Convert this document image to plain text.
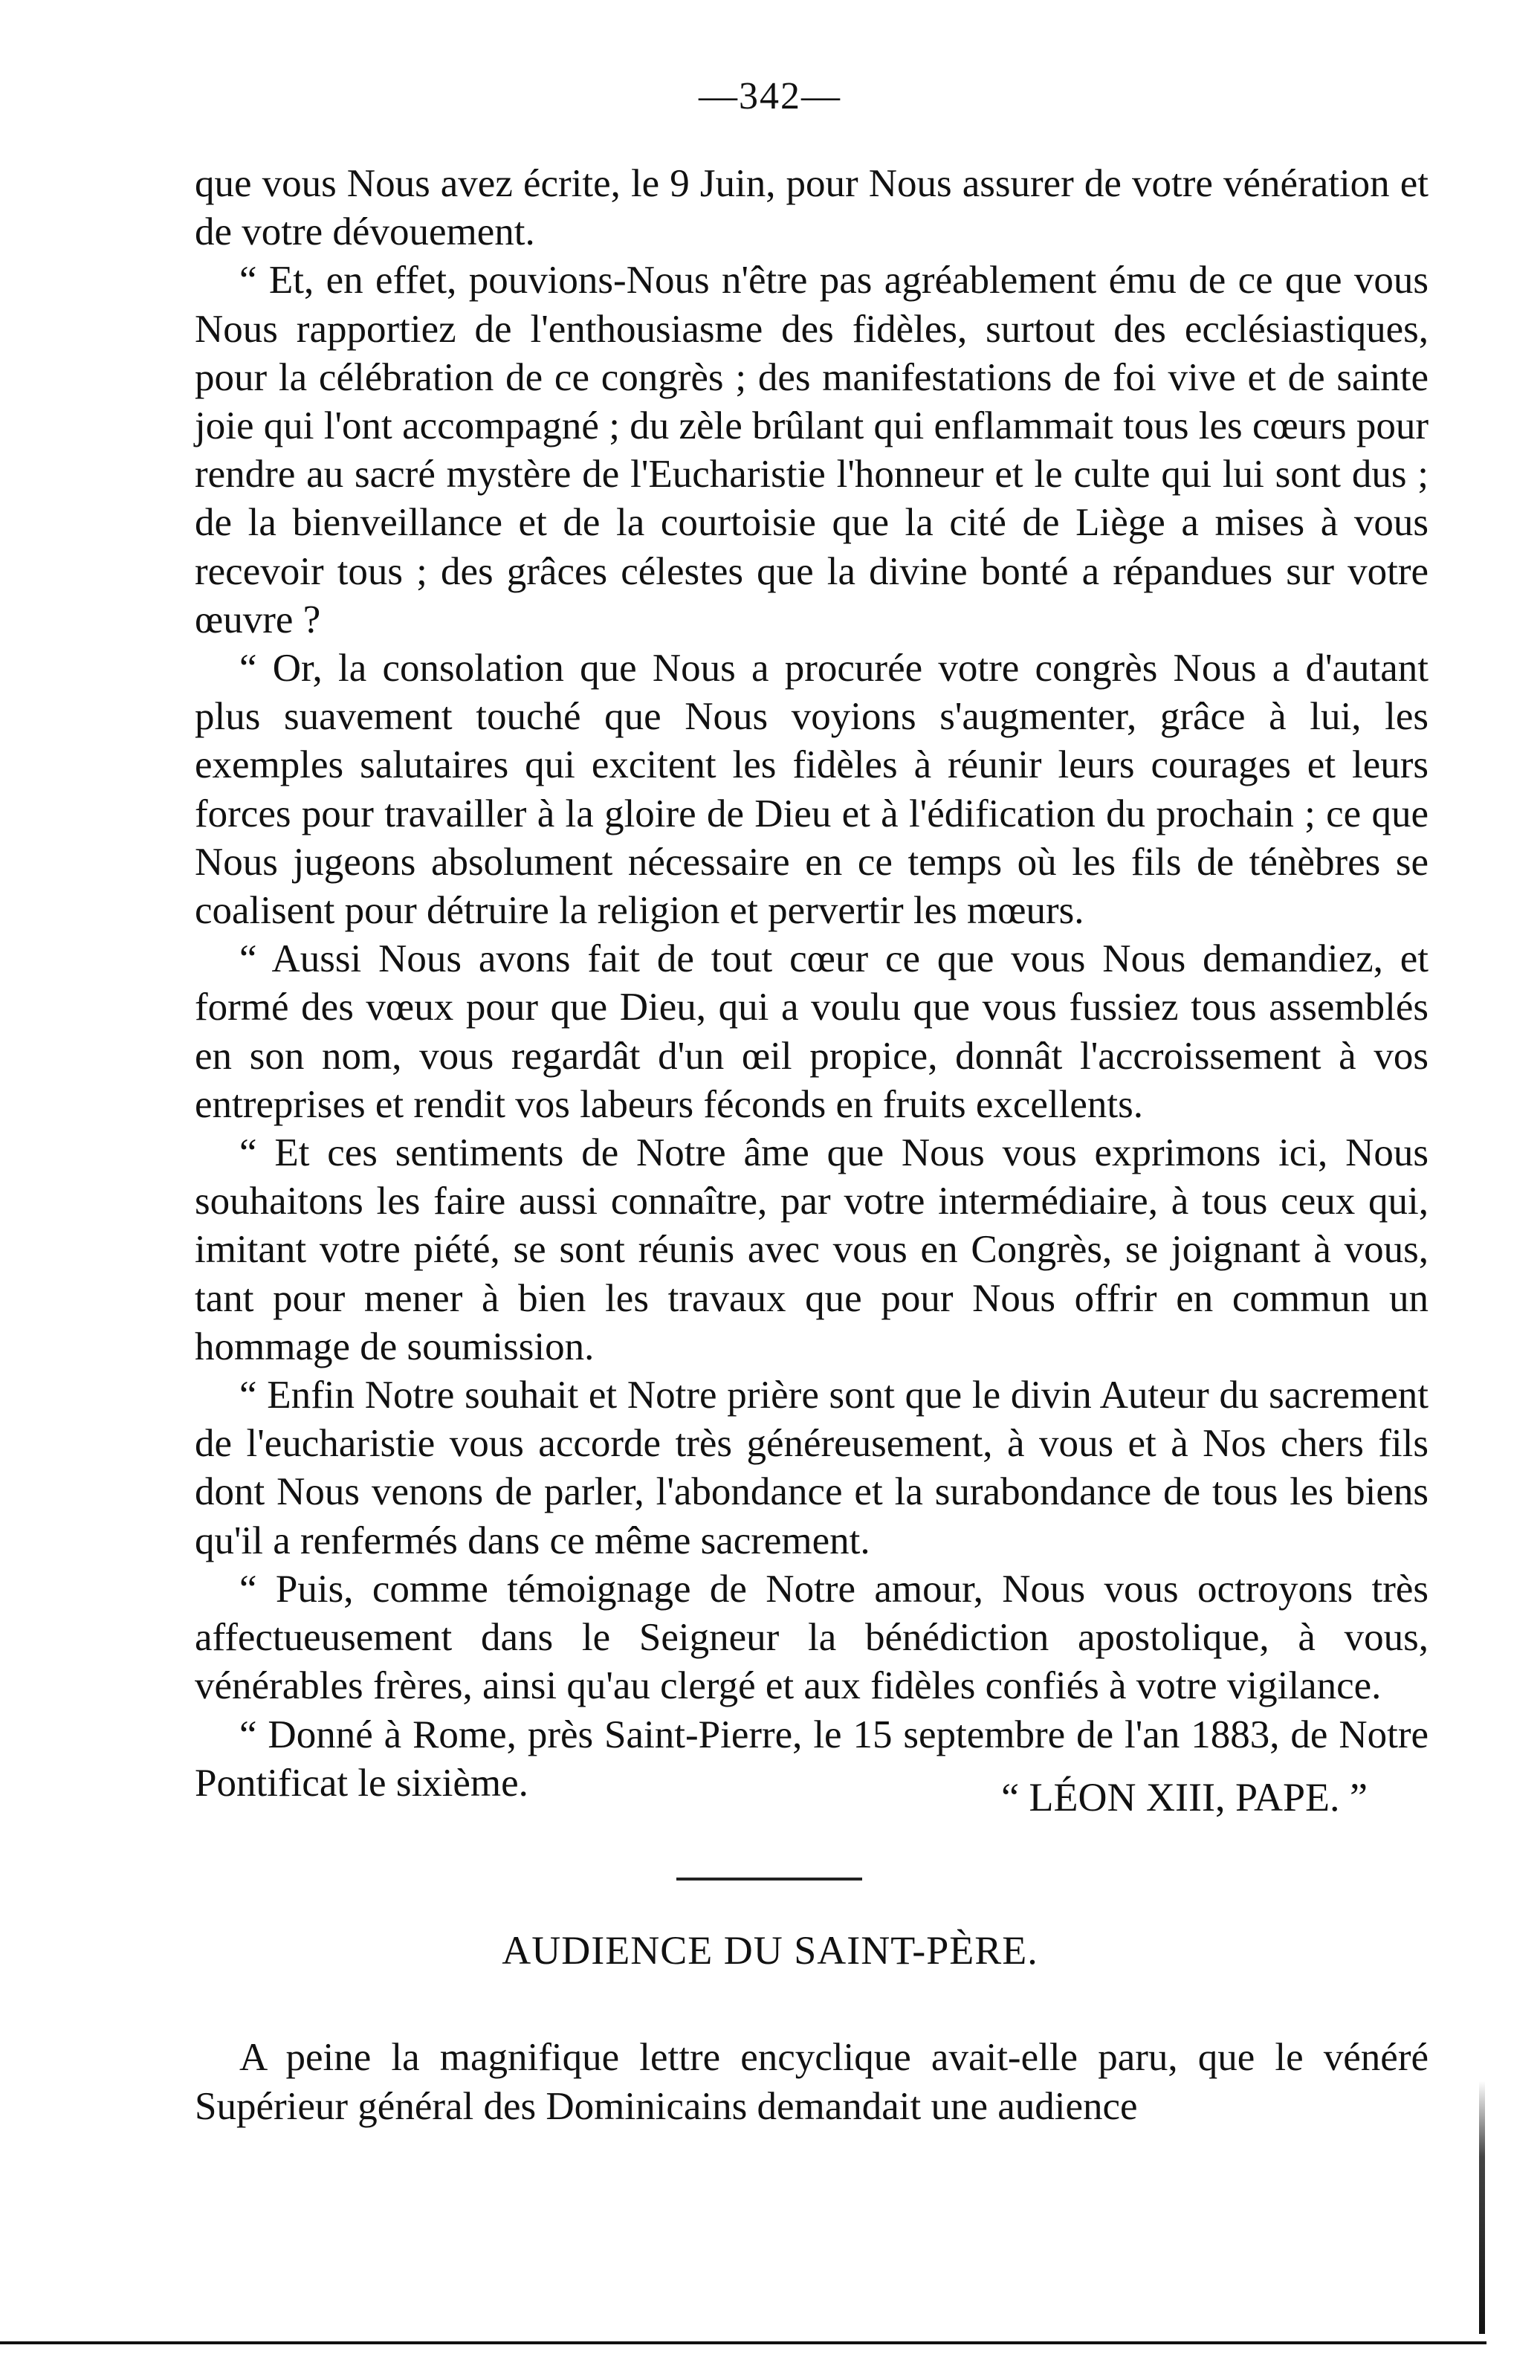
—342—

que vous Nous avez écrite, le 9 Juin, pour Nous assurer de votre vénération et de votre dévouement.

“ Et, en effet, pouvions-Nous n'être pas agréablement ému de ce que vous Nous rapportiez de l'enthousiasme des fidèles, surtout des ecclésiastiques, pour la célébration de ce congrès ; des manifestations de foi vive et de sainte joie qui l'ont accompagné ; du zèle brûlant qui enflammait tous les cœurs pour rendre au sacré mystère de l'Eucharistie l'honneur et le culte qui lui sont dus ; de la bienveillance et de la courtoisie que la cité de Liège a mises à vous recevoir tous ; des grâces célestes que la divine bonté a répandues sur votre œuvre ?

“ Or, la consolation que Nous a procurée votre congrès Nous a d'autant plus suavement touché que Nous voyions s'augmenter, grâce à lui, les exemples salutaires qui excitent les fidèles à réunir leurs courages et leurs forces pour travailler à la gloire de Dieu et à l'édification du prochain ; ce que Nous jugeons absolument nécessaire en ce temps où les fils de ténèbres se coalisent pour détruire la religion et pervertir les mœurs.

“ Aussi Nous avons fait de tout cœur ce que vous Nous demandiez, et formé des vœux pour que Dieu, qui a voulu que vous fussiez tous assemblés en son nom, vous regardât d'un œil propice, donnât l'accroissement à vos entreprises et rendit vos labeurs féconds en fruits excellents.

“ Et ces sentiments de Notre âme que Nous vous exprimons ici, Nous souhaitons les faire aussi connaître, par votre intermédiaire, à tous ceux qui, imitant votre piété, se sont réunis avec vous en Congrès, se joignant à vous, tant pour mener à bien les travaux que pour Nous offrir en commun un hommage de soumission.

“ Enfin Notre souhait et Notre prière sont que le divin Auteur du sacrement de l'eucharistie vous accorde très généreusement, à vous et à Nos chers fils dont Nous venons de parler, l'abondance et la surabondance de tous les biens qu'il a renfermés dans ce même sacrement.

“ Puis, comme témoignage de Notre amour, Nous vous octroyons très affectueusement dans le Seigneur la bénédiction apostolique, à vous, vénérables frères, ainsi qu'au clergé et aux fidèles confiés à votre vigilance.

“ Donné à Rome, près Saint-Pierre, le 15 septembre de l'an 1883, de Notre Pontificat le sixième.	“ LÉON XIII, PAPE. ”
AUDIENCE DU SAINT-PÈRE.
A peine la magnifique lettre encyclique avait-elle paru, que le vénéré Supérieur général des Dominicains demandait une audience
